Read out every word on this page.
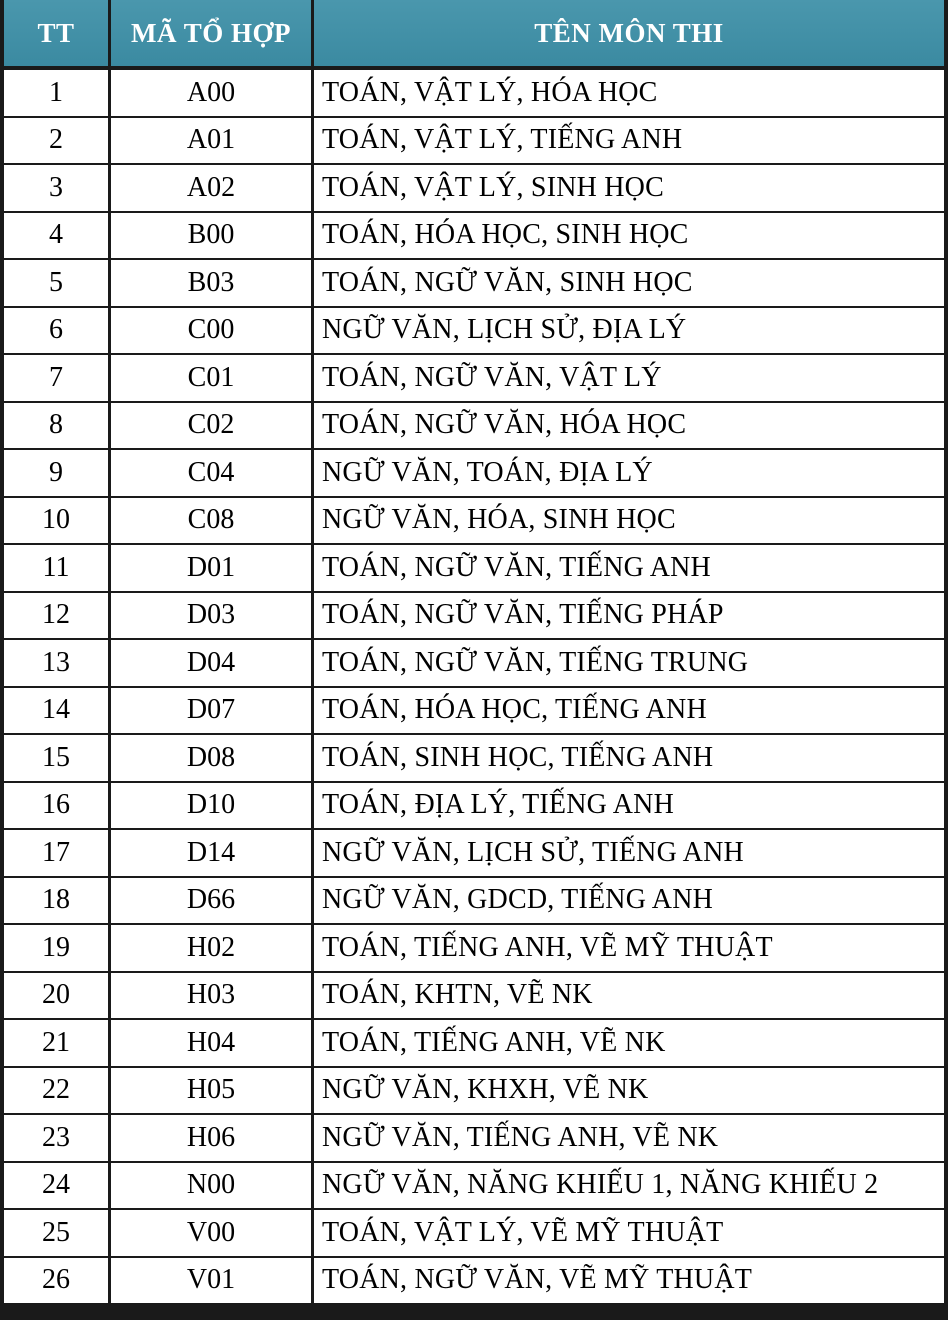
TT	MÃ TỔ HỢP	TÊN MÔN THI

1	A00	TOÁN, VẬT LÝ, HÓA HỌC
2	A01	TOÁN, VẬT LÝ, TIẾNG ANH
3	A02	TOÁN, VẬT LÝ, SINH HỌC
4	B00	TOÁN, HÓA HỌC, SINH HỌC
5	B03	TOÁN, NGỮ VĂN, SINH HỌC
6	C00	NGỮ VĂN, LỊCH SỬ, ĐỊA LÝ
7	C01	TOÁN, NGỮ VĂN, VẬT LÝ
8	C02	TOÁN, NGỮ VĂN, HÓA HỌC
9	C04	NGỮ VĂN, TOÁN, ĐỊA LÝ
10	C08	NGỮ VĂN, HÓA, SINH HỌC
11	D01	TOÁN, NGỮ VĂN, TIẾNG ANH
12	D03	TOÁN, NGỮ VĂN, TIẾNG PHÁP
13	D04	TOÁN, NGỮ VĂN, TIẾNG TRUNG
14	D07	TOÁN, HÓA HỌC, TIẾNG ANH
15	D08	TOÁN, SINH HỌC, TIẾNG ANH
16	D10	TOÁN, ĐỊA LÝ, TIẾNG ANH
17	D14	NGỮ VĂN, LỊCH SỬ, TIẾNG ANH
18	D66	NGỮ VĂN, GDCD, TIẾNG ANH
19	H02	TOÁN, TIẾNG ANH, VẼ MỸ THUẬT
20	H03	TOÁN, KHTN, VẼ NK
21	H04	TOÁN, TIẾNG ANH, VẼ NK
22	H05	NGỮ VĂN, KHXH, VẼ NK
23	H06	NGỮ VĂN, TIẾNG ANH, VẼ NK
24	N00	NGỮ VĂN, NĂNG KHIẾU 1, NĂNG KHIẾU 2
25	V00	TOÁN, VẬT LÝ, VẼ MỸ THUẬT
26	V01	TOÁN, NGỮ VĂN, VẼ MỸ THUẬT
